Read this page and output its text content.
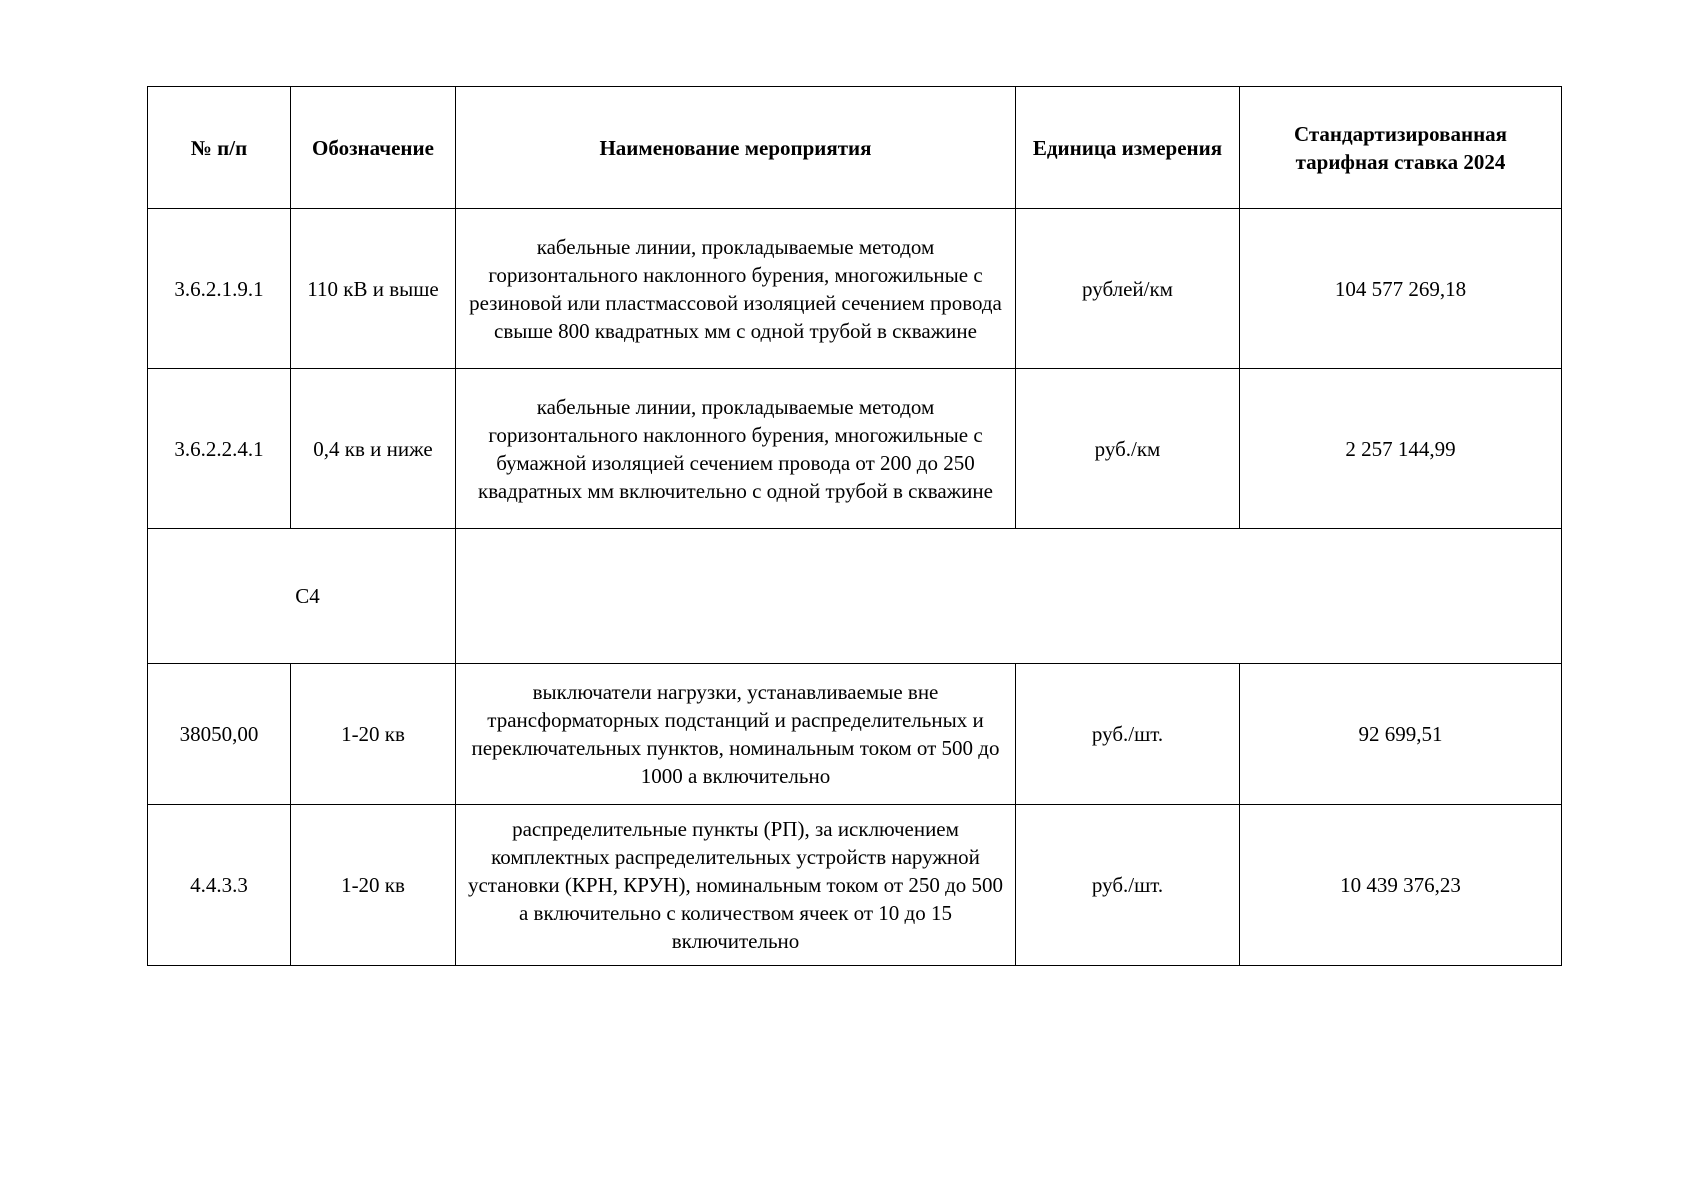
№ п/п	Обозначение	Наименование мероприятия	Единица измерения	Стандартизированная тарифная ставка 2024
3.6.2.1.9.1	110 кВ и выше	кабельные линии, прокладываемые методом горизонтального наклонного бурения, многожильные с резиновой или пластмассовой изоляцией сечением провода свыше 800 квадратных мм с одной трубой в скважине	рублей/км	104 577 269,18
3.6.2.2.4.1	0,4 кв и ниже	кабельные линии, прокладываемые методом горизонтального наклонного бурения, многожильные с бумажной изоляцией сечением провода от 200 до 250 квадратных мм включительно с одной трубой в скважине	руб./км	2 257 144,99
С4				
38050,00	1-20 кв	выключатели нагрузки, устанавливаемые вне трансформаторных подстанций и распределительных и переключательных пунктов, номинальным током от 500 до 1000 а включительно	руб./шт.	92 699,51
4.4.3.3	1-20 кв	распределительные пункты (РП), за исключением комплектных распределительных устройств наружной установки (КРН, КРУН), номинальным током от 250 до 500 а включительно с количеством ячеек от 10 до 15 включительно	руб./шт.	10 439 376,23
